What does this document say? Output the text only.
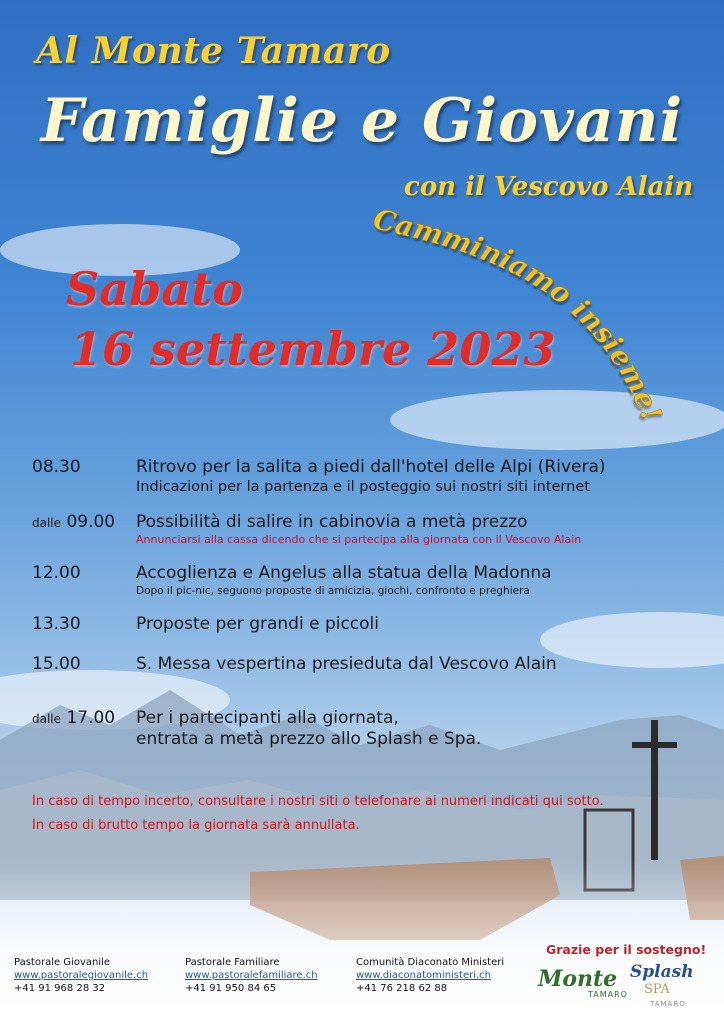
Al Monte Tamaro
Famiglie e Giovani
con il Vescovo Alain
Camminiamo insieme!
Sabato
16 settembre 2023
08.30	Ritrovo per la salita a piedi dall'hotel delle Alpi (Rivera)
Indicazioni per la partenza e il posteggio sui nostri siti internet
dalle 09.00 Possibilità di salire in cabinovia a metà prezzo
Annunciarsi alla cassa dicendo che si partecipa alla giornata con il Vescovo Alain
12.00	Accoglienza e Angelus alla statua della Madonna
Dopo il pic-nic, seguono proposte di amicizia, giochi, confronto e preghiera
13.30	Proposte per grandi e piccoli
15.00	S. Messa vespertina presieduta dal Vescovo Alain
dalle 17.00 Per i partecipanti alla giornata,
entrata a metà prezzo allo Splash e Spa.
In caso di tempo incerto, consultare i nostri siti o telefonare ai numeri indicati qui sotto.
In caso di brutto tempo la giornata sarà annullata.
Pastorale Giovanile
www.pastoralegiovanile.ch
+41 91 968 28 32
Pastorale Familiare
www.pastoralefamiliare.ch
+41 91 950 84 65
Comunità Diaconato Ministeri
www.diaconatoministeri.ch
+41 76 218 62 88
Grazie per il sostegno!
Monte
TAMARO
Splash
SPA
TAMARO
